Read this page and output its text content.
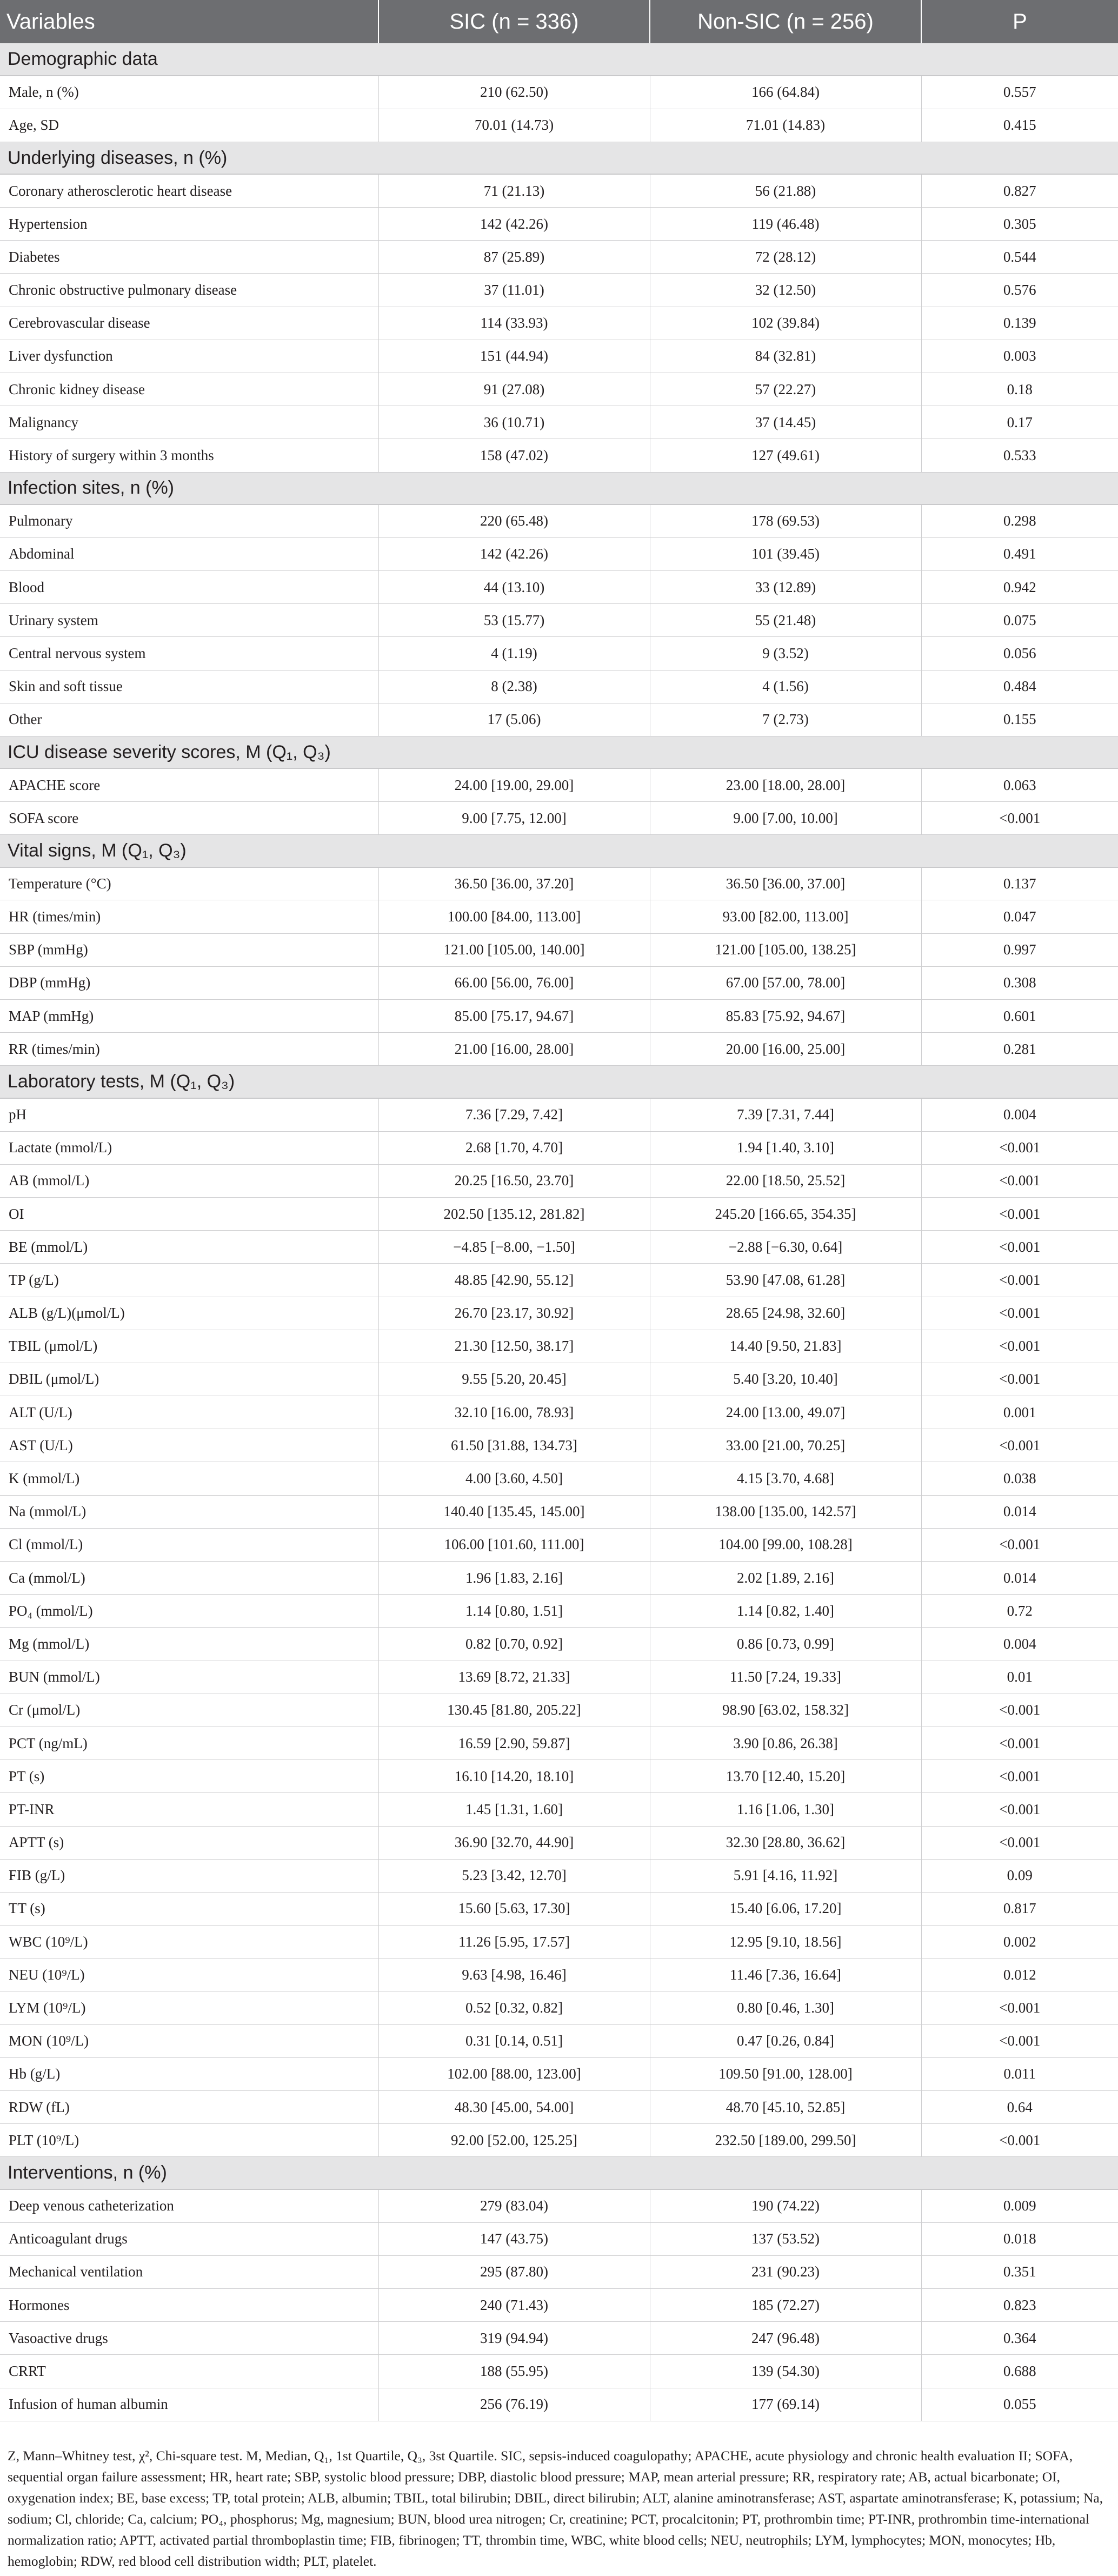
Variables	SIC (n = 336)	Non-SIC (n = 256)	P
Demographic data			
Male, n (%)	210 (62.50)	166 (64.84)	0.557
Age, SD	70.01 (14.73)	71.01 (14.83)	0.415
Underlying diseases, n (%)			
Coronary atherosclerotic heart disease	71 (21.13)	56 (21.88)	0.827
Hypertension	142 (42.26)	119 (46.48)	0.305
Diabetes	87 (25.89)	72 (28.12)	0.544
Chronic obstructive pulmonary disease	37 (11.01)	32 (12.50)	0.576
Cerebrovascular disease	114 (33.93)	102 (39.84)	0.139
Liver dysfunction	151 (44.94)	84 (32.81)	0.003
Chronic kidney disease	91 (27.08)	57 (22.27)	0.18
Malignancy	36 (10.71)	37 (14.45)	0.17
History of surgery within 3 months	158 (47.02)	127 (49.61)	0.533
Infection sites, n (%)			
Pulmonary	220 (65.48)	178 (69.53)	0.298
Abdominal	142 (42.26)	101 (39.45)	0.491
Blood	44 (13.10)	33 (12.89)	0.942
Urinary system	53 (15.77)	55 (21.48)	0.075
Central nervous system	4 (1.19)	9 (3.52)	0.056
Skin and soft tissue	8 (2.38)	4 (1.56)	0.484
Other	17 (5.06)	7 (2.73)	0.155
ICU disease severity scores, M (Q₁, Q₃)			
APACHE score	24.00 [19.00, 29.00]	23.00 [18.00, 28.00]	0.063
SOFA score	9.00 [7.75, 12.00]	9.00 [7.00, 10.00]	<0.001
Vital signs, M (Q₁, Q₃)			
Temperature (°C)	36.50 [36.00, 37.20]	36.50 [36.00, 37.00]	0.137
HR (times/min)	100.00 [84.00, 113.00]	93.00 [82.00, 113.00]	0.047
SBP (mmHg)	121.00 [105.00, 140.00]	121.00 [105.00, 138.25]	0.997
DBP (mmHg)	66.00 [56.00, 76.00]	67.00 [57.00, 78.00]	0.308
MAP (mmHg)	85.00 [75.17, 94.67]	85.83 [75.92, 94.67]	0.601
RR (times/min)	21.00 [16.00, 28.00]	20.00 [16.00, 25.00]	0.281
Laboratory tests, M (Q₁, Q₃)			
pH	7.36 [7.29, 7.42]	7.39 [7.31, 7.44]	0.004
Lactate (mmol/L)	2.68 [1.70, 4.70]	1.94 [1.40, 3.10]	<0.001
AB (mmol/L)	20.25 [16.50, 23.70]	22.00 [18.50, 25.52]	<0.001
OI	202.50 [135.12, 281.82]	245.20 [166.65, 354.35]	<0.001
BE (mmol/L)	−4.85 [−8.00, −1.50]	−2.88 [−6.30, 0.64]	<0.001
TP (g/L)	48.85 [42.90, 55.12]	53.90 [47.08, 61.28]	<0.001
ALB (g/L)(μmol/L)	26.70 [23.17, 30.92]	28.65 [24.98, 32.60]	<0.001
TBIL (μmol/L)	21.30 [12.50, 38.17]	14.40 [9.50, 21.83]	<0.001
DBIL (μmol/L)	9.55 [5.20, 20.45]	5.40 [3.20, 10.40]	<0.001
ALT (U/L)	32.10 [16.00, 78.93]	24.00 [13.00, 49.07]	0.001
AST (U/L)	61.50 [31.88, 134.73]	33.00 [21.00, 70.25]	<0.001
K (mmol/L)	4.00 [3.60, 4.50]	4.15 [3.70, 4.68]	0.038
Na (mmol/L)	140.40 [135.45, 145.00]	138.00 [135.00, 142.57]	0.014
Cl (mmol/L)	106.00 [101.60, 111.00]	104.00 [99.00, 108.28]	<0.001
Ca (mmol/L)	1.96 [1.83, 2.16]	2.02 [1.89, 2.16]	0.014
PO₄ (mmol/L)	1.14 [0.80, 1.51]	1.14 [0.82, 1.40]	0.72
Mg (mmol/L)	0.82 [0.70, 0.92]	0.86 [0.73, 0.99]	0.004
BUN (mmol/L)	13.69 [8.72, 21.33]	11.50 [7.24, 19.33]	0.01
Cr (μmol/L)	130.45 [81.80, 205.22]	98.90 [63.02, 158.32]	<0.001
PCT (ng/mL)	16.59 [2.90, 59.87]	3.90 [0.86, 26.38]	<0.001
PT (s)	16.10 [14.20, 18.10]	13.70 [12.40, 15.20]	<0.001
PT-INR	1.45 [1.31, 1.60]	1.16 [1.06, 1.30]	<0.001
APTT (s)	36.90 [32.70, 44.90]	32.30 [28.80, 36.62]	<0.001
FIB (g/L)	5.23 [3.42, 12.70]	5.91 [4.16, 11.92]	0.09
TT (s)	15.60 [5.63, 17.30]	15.40 [6.06, 17.20]	0.817
WBC (10⁹/L)	11.26 [5.95, 17.57]	12.95 [9.10, 18.56]	0.002
NEU (10⁹/L)	9.63 [4.98, 16.46]	11.46 [7.36, 16.64]	0.012
LYM (10⁹/L)	0.52 [0.32, 0.82]	0.80 [0.46, 1.30]	<0.001
MON (10⁹/L)	0.31 [0.14, 0.51]	0.47 [0.26, 0.84]	<0.001
Hb (g/L)	102.00 [88.00, 123.00]	109.50 [91.00, 128.00]	0.011
RDW (fL)	48.30 [45.00, 54.00]	48.70 [45.10, 52.85]	0.64
PLT (10⁹/L)	92.00 [52.00, 125.25]	232.50 [189.00, 299.50]	<0.001
Interventions, n (%)			
Deep venous catheterization	279 (83.04)	190 (74.22)	0.009
Anticoagulant drugs	147 (43.75)	137 (53.52)	0.018
Mechanical ventilation	295 (87.80)	231 (90.23)	0.351
Hormones	240 (71.43)	185 (72.27)	0.823
Vasoactive drugs	319 (94.94)	247 (96.48)	0.364
CRRT	188 (55.95)	139 (54.30)	0.688
Infusion of human albumin	256 (76.19)	177 (69.14)	0.055
Z, Mann–Whitney test, χ², Chi-square test. M, Median, Q₁, 1st Quartile, Q₃, 3st Quartile. SIC, sepsis-induced coagulopathy; APACHE, acute physiology and chronic health evaluation II; SOFA, sequential organ failure assessment; HR, heart rate; SBP, systolic blood pressure; DBP, diastolic blood pressure; MAP, mean arterial pressure; RR, respiratory rate; AB, actual bicarbonate; OI, oxygenation index; BE, base excess; TP, total protein; ALB, albumin; TBIL, total bilirubin; DBIL, direct bilirubin; ALT, alanine aminotransferase; AST, aspartate aminotransferase; K, potassium; Na, sodium; Cl, chloride; Ca, calcium; PO₄, phosphorus; Mg, magnesium; BUN, blood urea nitrogen; Cr, creatinine; PCT, procalcitonin; PT, prothrombin time; PT-INR, prothrombin time-international normalization ratio; APTT, activated partial thromboplastin time; FIB, fibrinogen; TT, thrombin time, WBC, white blood cells; NEU, neutrophils; LYM, lymphocytes; MON, monocytes; Hb, hemoglobin; RDW, red blood cell distribution width; PLT, platelet.
